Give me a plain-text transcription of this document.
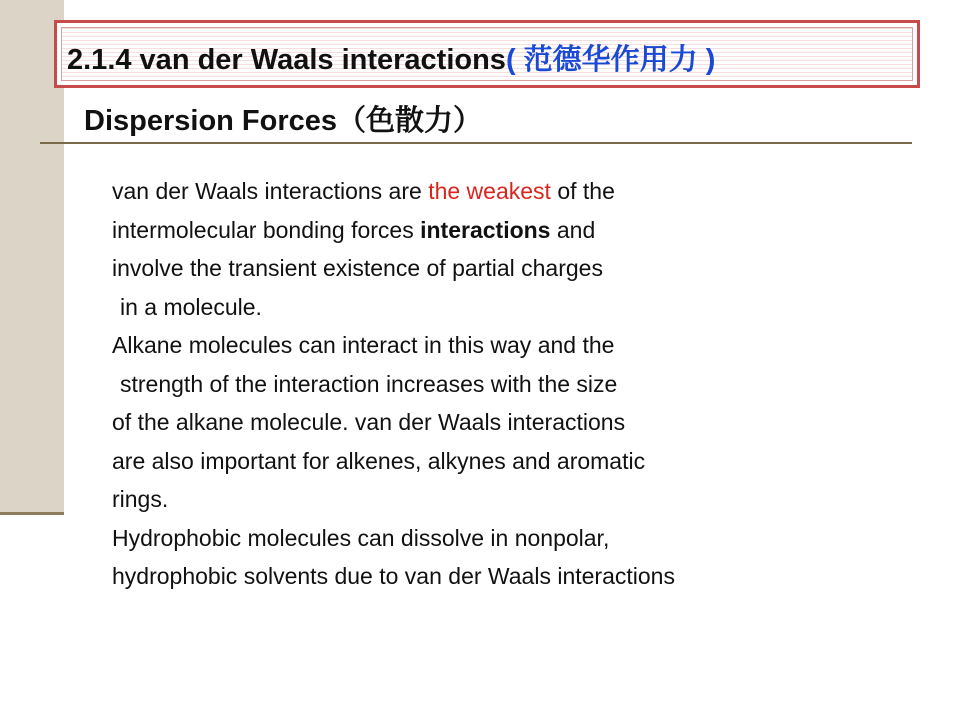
2.1.4 van der Waals interactions( 范德华作用力 )
Dispersion Forces（色散力）
van der Waals interactions are the weakest of the
intermolecular bonding forces interactions and
involve the transient existence of partial charges
in a molecule.
Alkane molecules can interact in this way and the
strength of the interaction increases with the size
of the alkane molecule. van der Waals interactions
are also important for alkenes, alkynes and aromatic
rings.
Hydrophobic molecules can dissolve in nonpolar,
hydrophobic solvents due to van der Waals interactions
